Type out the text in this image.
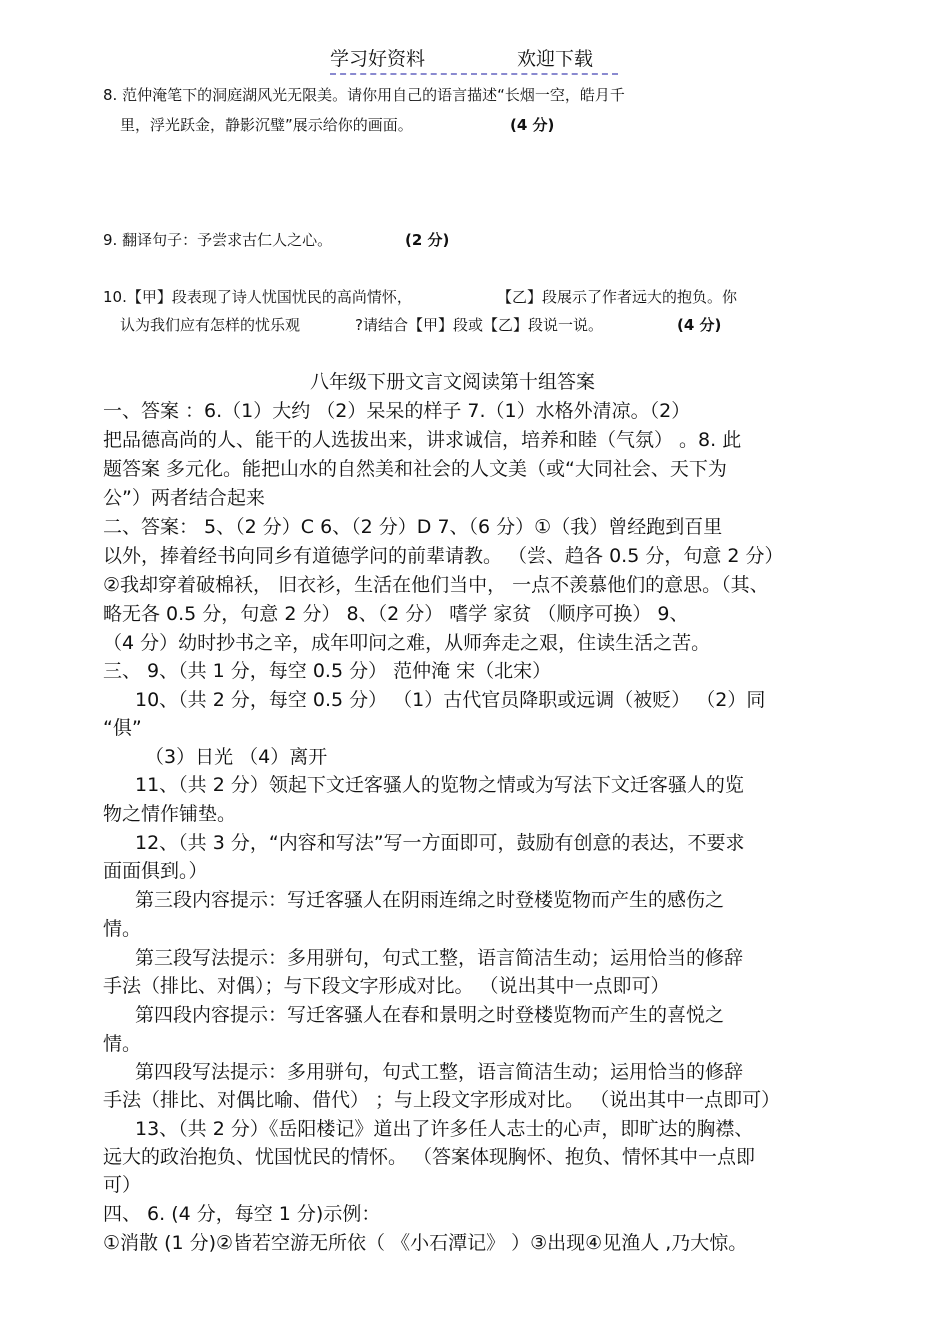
学习好资料	欢迎下载
8. 范仲淹笔下的洞庭湖风光无限美。请你用自己的语言描述“长烟一空，皓月千
里，浮光跃金，静影沉璧”展示给你的画面。	(4 分)
9. 翻译句子：予尝求古仁人之心。	(2 分)
10.【甲】段表现了诗人忧国忧民的高尚情怀，	【乙】段展示了作者远大的抱负。你
认为我们应有怎样的忧乐观	?请结合【甲】段或【乙】段说一说。	(4 分)
八年级下册文言文阅读第十组答案
一、答案 ：6.（1）大约 （2）呆呆的样子 7.（1）水格外清凉。（2）
把品德高尚的人、能干的人选拔出来，讲求诚信，培养和睦（气氛） 。8. 此
题答案 多元化。能把山水的自然美和社会的人文美（或“大同社会、天下为
公”）两者结合起来
二、答案： 5、（2 分）C 6、（2 分）D 7、（6 分）①（我）曾经跑到百里
以外，捧着经书向同乡有道德学问的前辈请教。 （尝、趋各 0.5 分，句意 2 分）
②我却穿着破棉袄， 旧衣衫，生活在他们当中， 一点不羡慕他们的意思。（其、
略无各 0.5 分，句意 2 分） 8、（2 分） 嗜学 家贫 （顺序可换） 9、
（4 分）幼时抄书之辛，成年叩问之难，从师奔走之艰，住读生活之苦。
三、 9、（共 1 分，每空 0.5 分） 范仲淹 宋（北宋）
10、（共 2 分，每空 0.5 分） （1）古代官员降职或远调（被贬） （2）同
“俱”
（3）日光 （4）离开
11、（共 2 分）领起下文迁客骚人的览物之情或为写法下文迁客骚人的览
物之情作铺垫。
12、（共 3 分，“内容和写法”写一方面即可，鼓励有创意的表达，不要求
面面俱到。）
第三段内容提示：写迁客骚人在阴雨连绵之时登楼览物而产生的感伤之
情。
第三段写法提示：多用骈句，句式工整，语言简洁生动；运用恰当的修辞
手法（排比、对偶）；与下段文字形成对比。 （说出其中一点即可）
第四段内容提示：写迁客骚人在春和景明之时登楼览物而产生的喜悦之
情。
第四段写法提示：多用骈句，句式工整，语言简洁生动；运用恰当的修辞
手法（排比、对偶比喻、借代） ；与上段文字形成对比。 （说出其中一点即可）
13、（共 2 分）《岳阳楼记》道出了许多任人志士的心声，即旷达的胸襟、
远大的政治抱负、忧国忧民的情怀。 （答案体现胸怀、抱负、情怀其中一点即
可）
四、 6. (4 分，每空 1 分)示例：
①消散 (1 分)②皆若空游无所依（ 《小石潭记》 ）③出现④见渔人 ,乃大惊。
